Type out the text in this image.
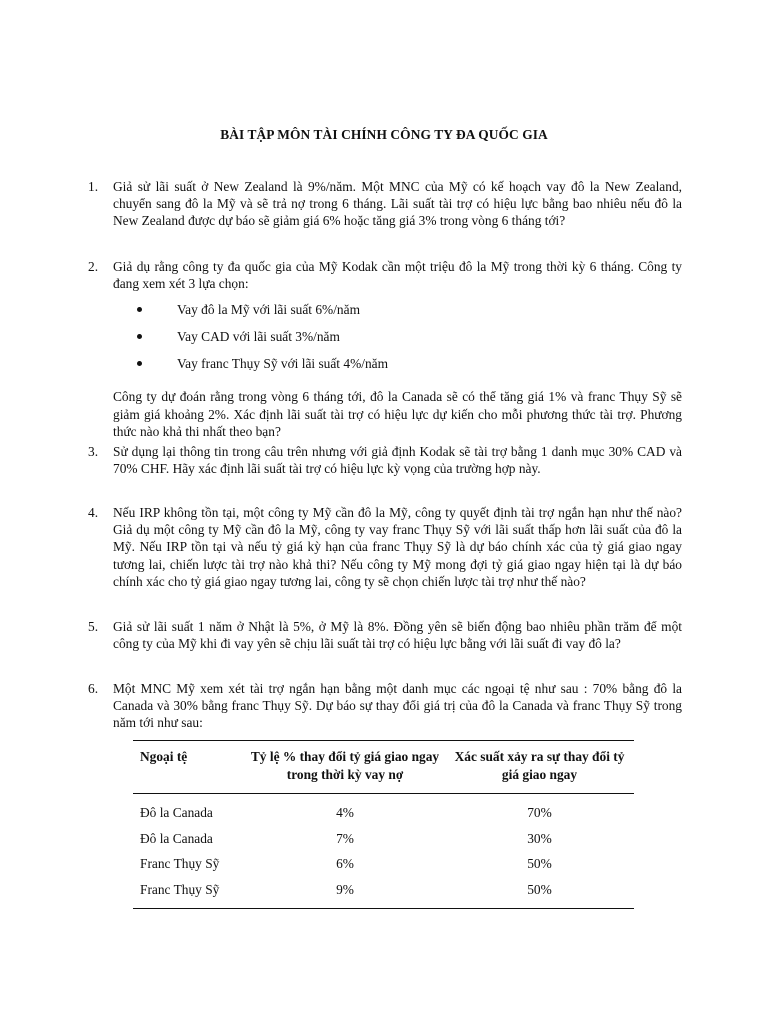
BÀI TẬP MÔN TÀI CHÍNH CÔNG TY ĐA QUỐC GIA
1. Giả sử lãi suất ở New Zealand là 9%/năm. Một MNC của Mỹ có kế hoạch vay đô la New Zealand, chuyển sang đô la Mỹ và sẽ trả nợ trong 6 tháng. Lãi suất tài trợ có hiệu lực bằng bao nhiêu nếu đô la New Zealand được dự báo sẽ giảm giá 6% hoặc tăng giá 3% trong vòng 6 tháng tới?
2. Giả dụ rằng công ty đa quốc gia của Mỹ Kodak cần một triệu đô la Mỹ trong thời kỳ 6 tháng. Công ty đang xem xét 3 lựa chọn:
Vay đô la Mỹ với lãi suất 6%/năm
Vay CAD với lãi suất 3%/năm
Vay franc Thụy Sỹ với lãi suất 4%/năm
Công ty dự đoán rằng trong vòng 6 tháng tới, đô la Canada sẽ có thể tăng giá 1% và franc Thụy Sỹ sẽ giảm giá khoảng 2%. Xác định lãi suất tài trợ có hiệu lực dự kiến cho mỗi phương thức tài trợ. Phương thức nào khả thi nhất theo bạn?
3. Sử dụng lại thông tin trong câu trên nhưng với giả định Kodak sẽ tài trợ bằng 1 danh mục 30% CAD và 70% CHF. Hãy xác định lãi suất tài trợ có hiệu lực kỳ vọng của trường hợp này.
4. Nếu IRP không tồn tại, một công ty Mỹ cần đô la Mỹ, công ty quyết định tài trợ ngắn hạn như thế nào? Giả dụ một công ty Mỹ cần đô la Mỹ, công ty vay franc Thụy Sỹ với lãi suất thấp hơn lãi suất của đô la Mỹ. Nếu IRP tồn tại và nếu tỷ giá kỳ hạn của franc Thụy Sỹ là dự báo chính xác của tỷ giá giao ngay tương lai, chiến lược tài trợ nào khả thi? Nếu công ty Mỹ mong đợi tỷ giá giao ngay hiện tại là dự báo chính xác cho tỷ giá giao ngay tương lai, công ty sẽ chọn chiến lược tài trợ như thế nào?
5. Giả sử lãi suất 1 năm ở Nhật là 5%, ở Mỹ là 8%. Đồng yên sẽ biến động bao nhiêu phần trăm để một công ty của Mỹ khi đi vay yên sẽ chịu lãi suất tài trợ có hiệu lực bằng với lãi suất đi vay đô la?
6. Một MNC Mỹ xem xét tài trợ ngắn hạn bằng một danh mục các ngoại tệ như sau : 70% bằng đô la Canada và 30% bằng franc Thụy Sỹ. Dự báo sự thay đổi giá trị của đô la Canada và franc Thụy Sỹ trong năm tới như sau:
Ngoại tệ	Tỷ lệ % thay đổi tỷ giá giao ngay trong thời kỳ vay nợ	Xác suất xảy ra sự thay đổi tỷ giá giao ngay
Đô la Canada	4%	70%
Đô la Canada	7%	30%
Franc Thụy Sỹ	6%	50%
Franc Thụy Sỹ	9%	50%
